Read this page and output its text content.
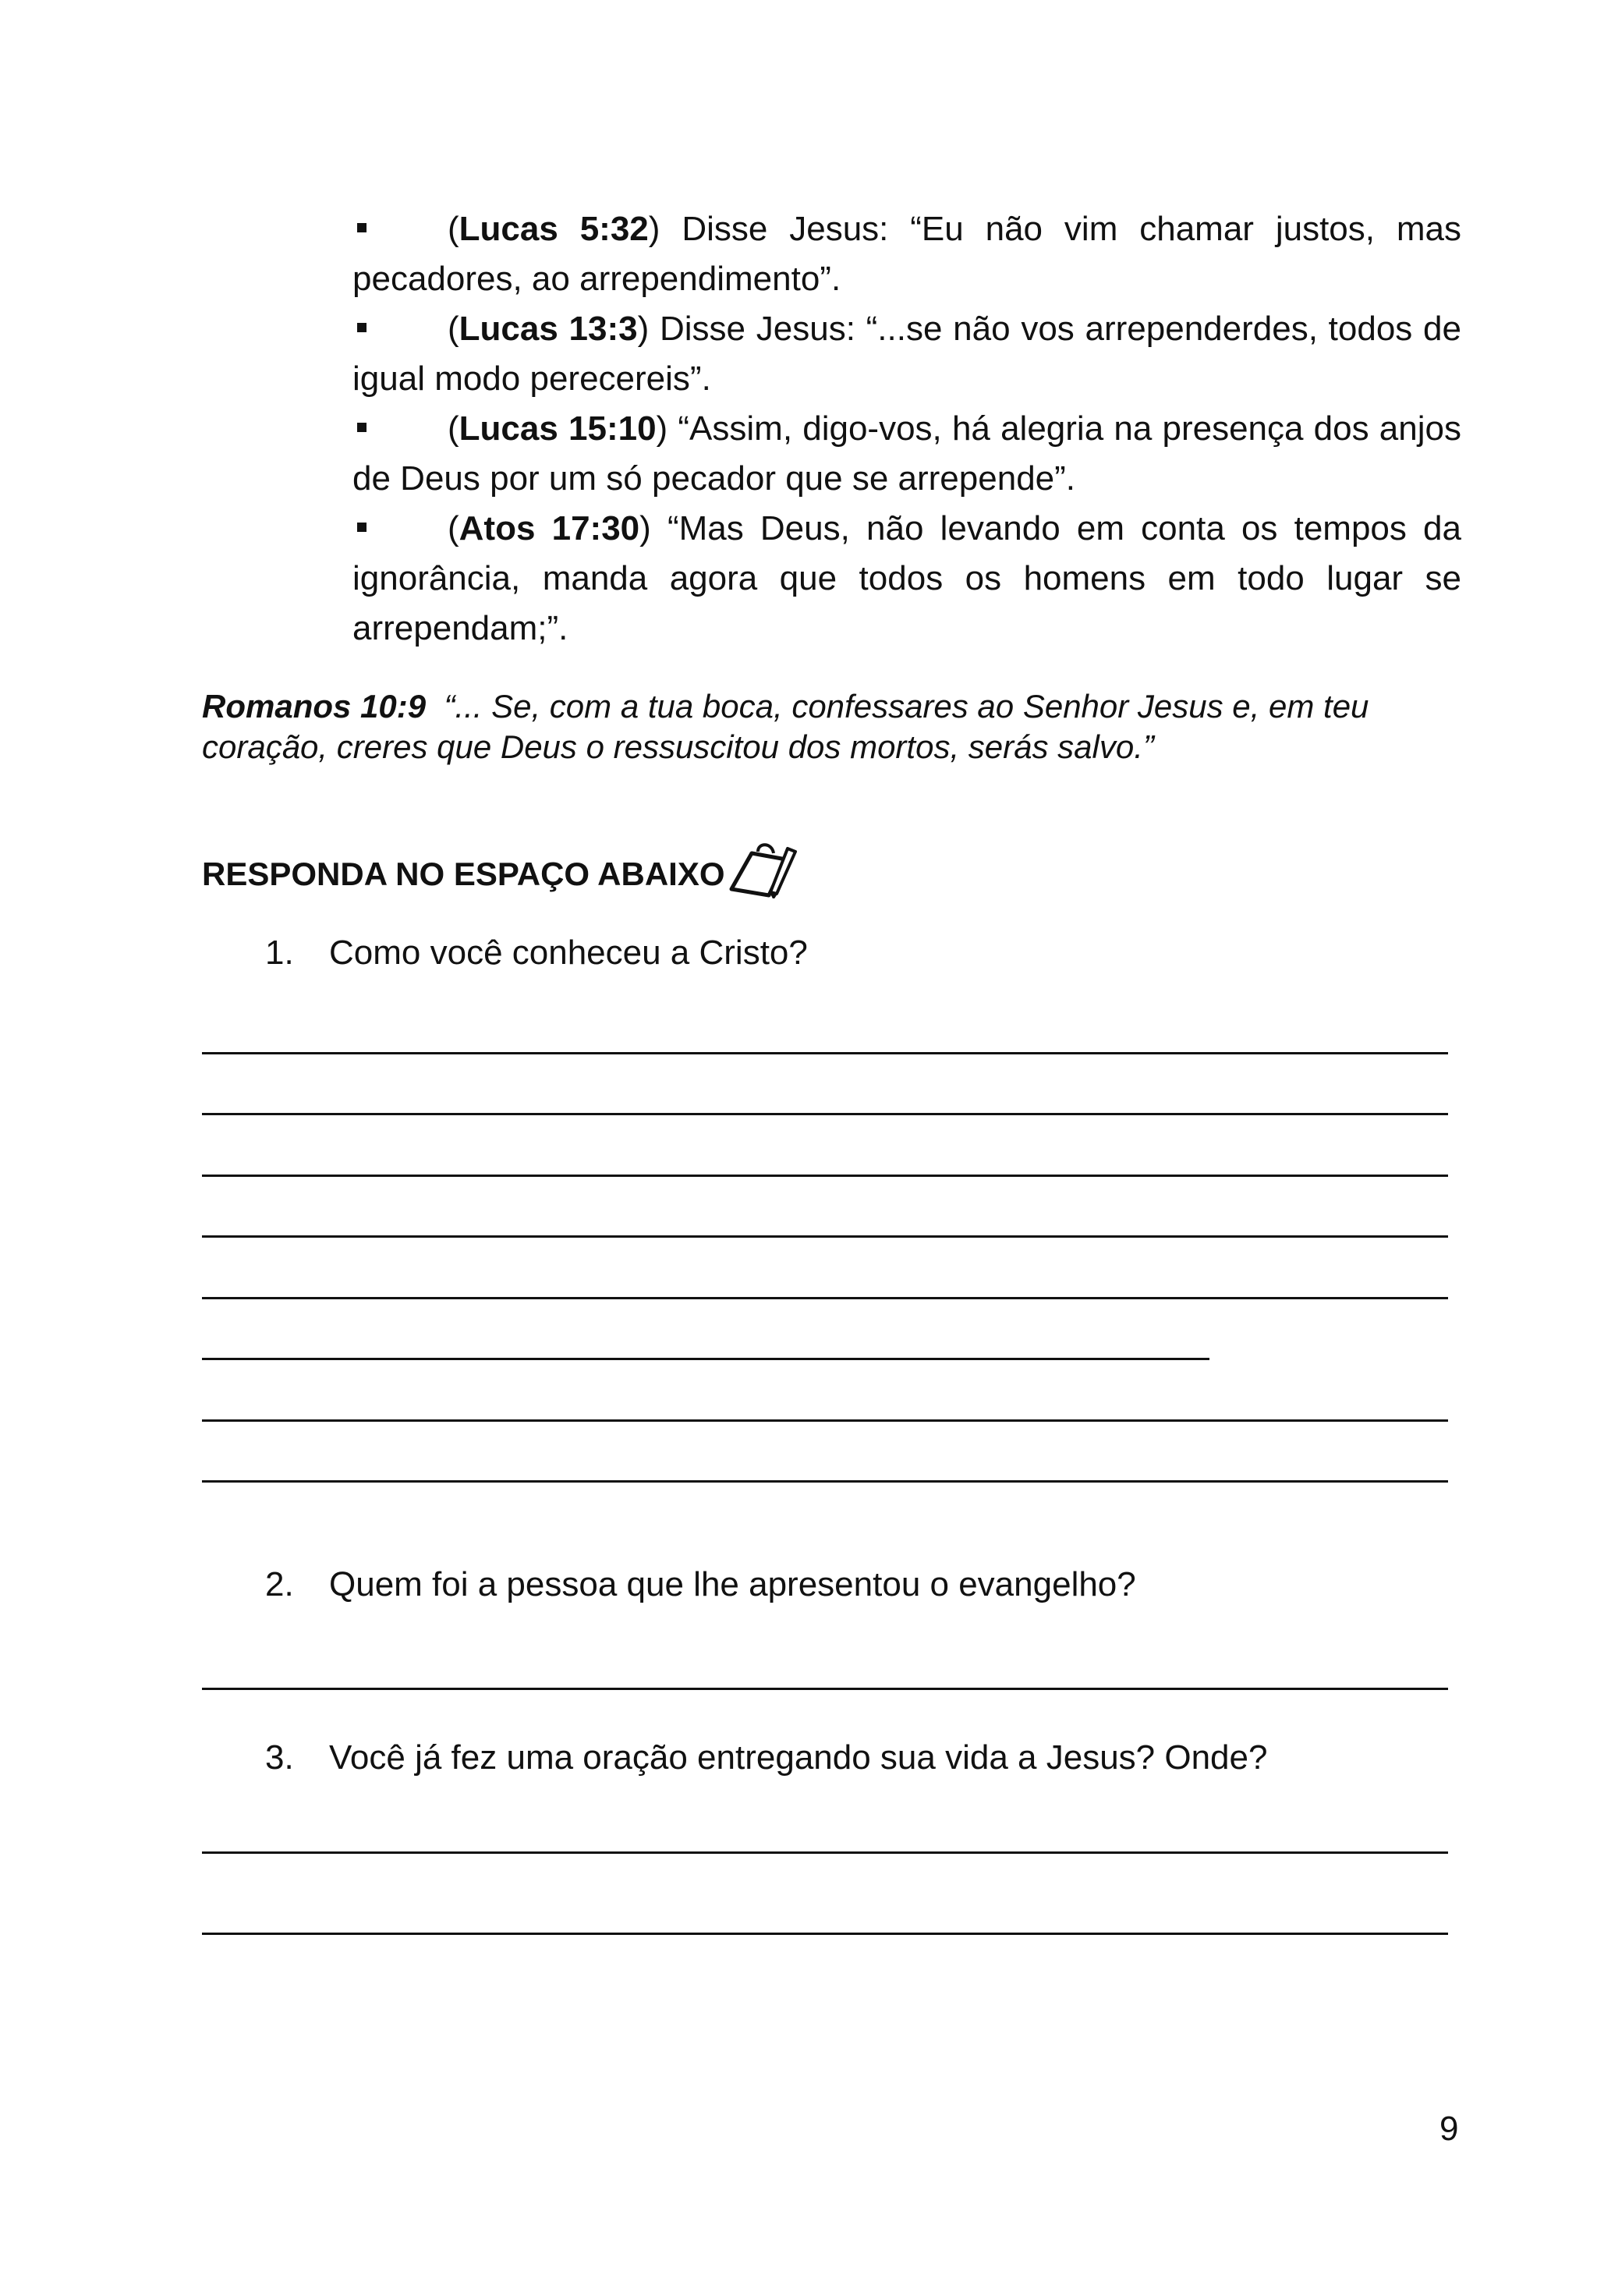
(Lucas 5:32) Disse Jesus: “Eu não vim chamar justos, mas pecadores, ao arrependimento”.

(Lucas 13:3) Disse Jesus: “...se não vos arrependerdes, todos de igual modo perecereis”.

(Lucas 15:10) “Assim, digo-vos, há alegria na presença dos anjos de Deus por um só pecador que se arrepende”.

(Atos 17:30) “Mas Deus, não levando em conta os tempos da ignorância, manda agora que todos os homens em todo lugar se arrependam;”.

Romanos 10:9 “... Se, com a tua boca, confessares ao Senhor Jesus e, em teu coração, creres que Deus o ressuscitou dos mortos, serás salvo.”
RESPONDA NO ESPAÇO ABAIXO
1. Como você conheceu a Cristo?
2. Quem foi a pessoa que lhe apresentou o evangelho?
3. Você já fez uma oração entregando sua vida a Jesus? Onde?
9
